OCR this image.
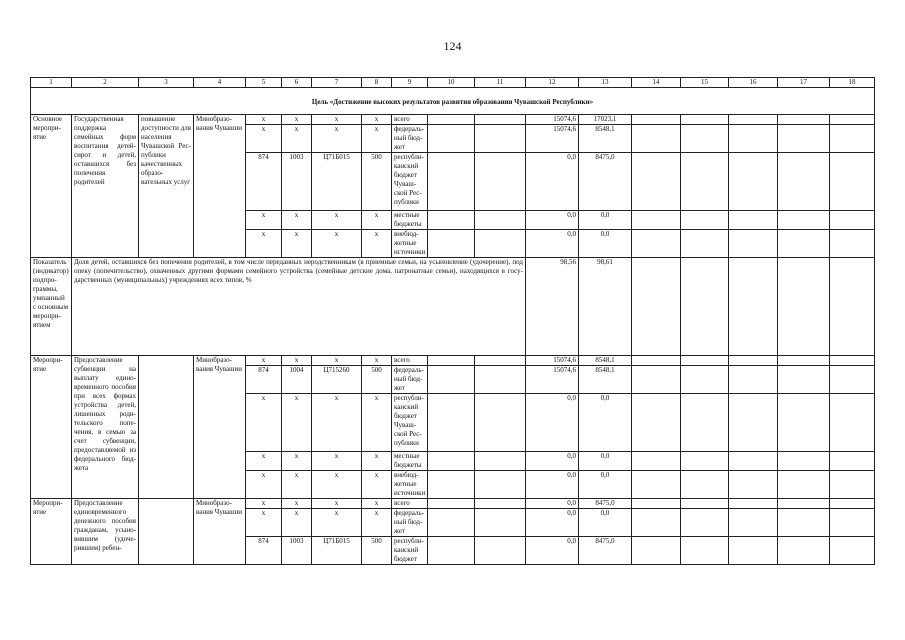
124
1	2	3	4	5	6	7	8	9	10	11	12	13	14	15	16	17	18
Цель «Достижение высоких результатов развития образования Чувашской Республики»																	
Основное мероприятие	Государственная поддержка семейных форм воспитания детей-сирот и детей, оставшихся без попечения родителей	повышение доступности для населения Чувашской Республики качественных образовательных услуг	Минобразования Чувашии	x	x	x	x	всего			15074,6	17023,1					
				x	x	x	x	федеральный бюджет			15074,6	8548,1					
				874	1003	Ц71Б015	500	республиканский бюджет Чувашской Республики			0,0	8475,0					
				x	x	x	x	местные бюджеты			0,0	0,0					
				x	x	x	x	внебюджетные источники			0,0	0,0					
Показатель (индикатор) подпрограммы, увязанный с основным мероприятием	Доля детей, оставшихся без попечения родителей, в том числе переданных неродственникам (в приемные семьи, на усыновление (удочерение), под опеку (попечительство), охваченных другими формами семейного устройства (семейные детские дома, патронатные семьи), находящихся в государственных (муниципальных) учреждениях всех типов, %										98,56	98,61					
Мероприятие	Предоставление субвенции на выплату единовременного пособия при всех формах устройства детей, лишенных родительского попечения, в семью за счет субвенции, предоставляемой из федерального бюджета		Минобразования Чувашии	x	x	x	x	всего			15074,6	8548,1					
				874	1004	Ц715260	500	федеральный бюджет			15074,6	8548,1					
				x	x	x	x	республиканский бюджет Чувашской Республики			0,0	0,0					
				x	x	x	x	местные бюджеты			0,0	0,0					
				x	x	x	x	внебюджетные источники			0,0	0,0					
Мероприятие	Предоставление единовременного денежного пособия гражданам, усыновившим (удочерившим) ребен-		Минобразования Чувашии	x	x	x	x	всего			0,0	8475,0					
				x	x	x	x	федеральный бюджет			0,0	0,0					
				874	1003	Ц71Б015	500	республиканский бюджет			0,0	8475,0					
